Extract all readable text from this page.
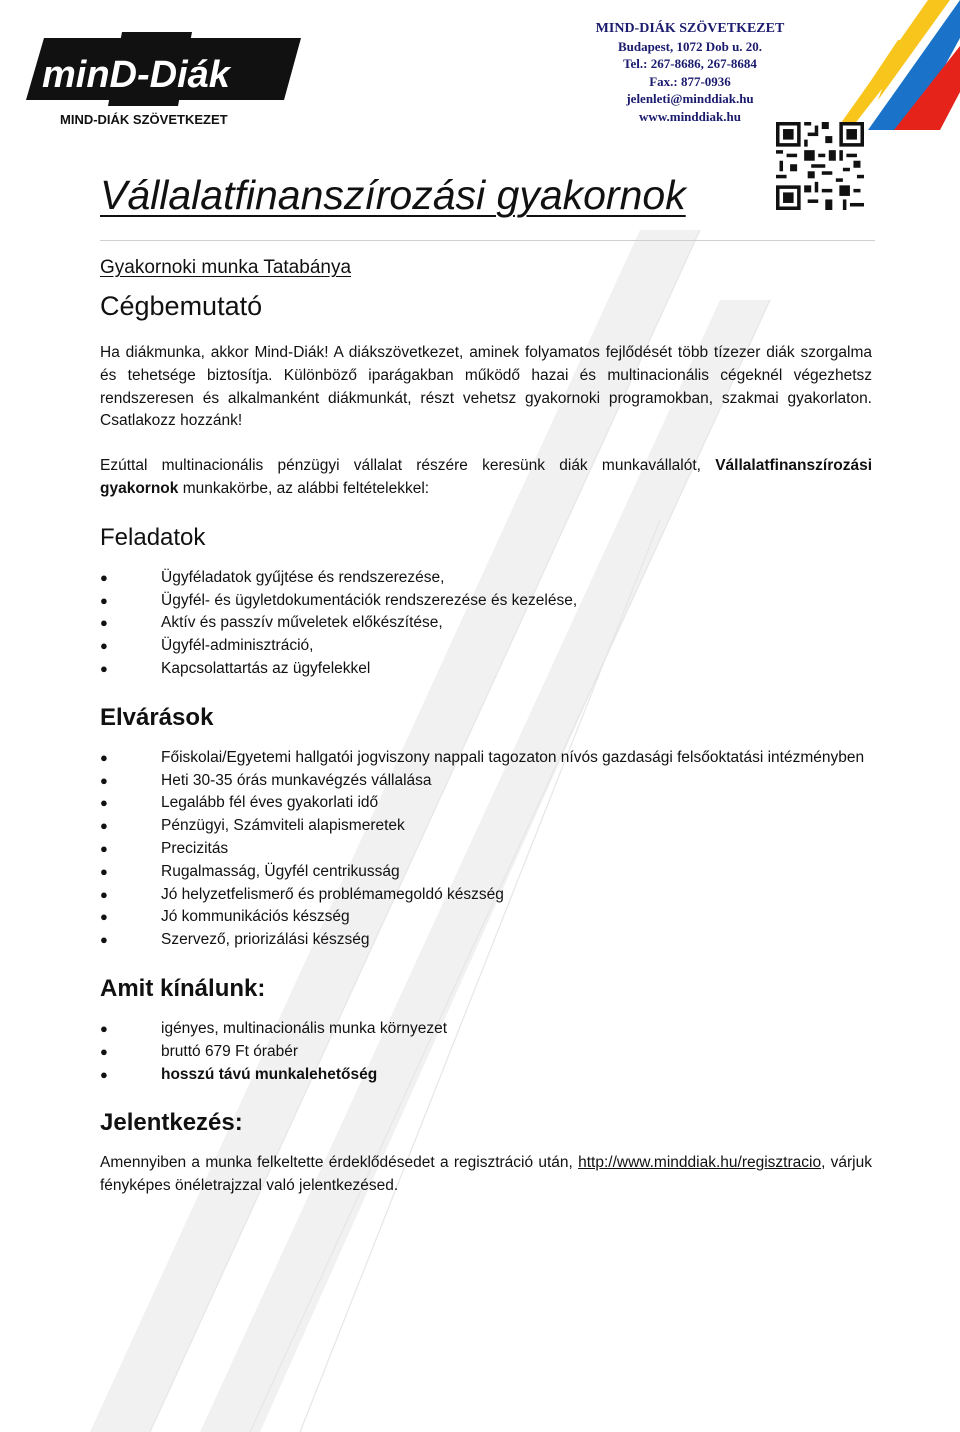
minD-Diák
MIND-DIÁK SZÖVETKEZET
MIND-DIÁK SZÖVETKEZET
Budapest, 1072 Dob u. 20.
Tel.: 267-8686, 267-8684
Fax.: 877-0936
jelenleti@minddiak.hu
www.minddiak.hu
Vállalatfinanszírozási gyakornok

Gyakornoki munka Tatabánya

Cégbemutató

Ha diákmunka, akkor Mind-Diák! A diákszövetkezet, aminek folyamatos fejlődését több tízezer diák szorgalma és tehetsége biztosítja. Különböző iparágakban működő hazai és multinacionális cégeknél végezhetsz rendszeresen és alkalmanként diákmunkát, részt vehetsz gyakornoki programokban, szakmai gyakorlaton. Csatlakozz hozzánk!

Ezúttal multinacionális pénzügyi vállalat részére keresünk diák munkavállalót, Vállalatfinanszírozási gyakornok munkakörbe, az alábbi feltételekkel:

Feladatok
●	Ügyféladatok gyűjtése és rendszerezése,
●	Ügyfél- és ügyletdokumentációk rendszerezése és kezelése,
●	Aktív és passzív műveletek előkészítése,
●	Ügyfél-adminisztráció,
●	Kapcsolattartás az ügyfelekkel
Elvárások
●	Főiskolai/Egyetemi hallgatói jogviszony nappali tagozaton nívós gazdasági felsőoktatási intézményben
●	Heti 30-35 órás munkavégzés vállalása
●	Legalább fél éves gyakorlati idő
●	Pénzügyi, Számviteli alapismeretek
●	Precizitás
●	Rugalmasság, Ügyfél centrikusság
●	Jó helyzetfelismerő és problémamegoldó készség
●	Jó kommunikációs készség
●	Szervező, priorizálási készség
Amit kínálunk:
●	igényes, multinacionális munka környezet
●	bruttó 679 Ft órabér
●	hosszú távú munkalehetőség
Jelentkezés:

Amennyiben a munka felkeltette érdeklődésedet a regisztráció után, http://www.minddiak.hu/regisztracio, várjuk fényképes önéletrajzzal való jelentkezésed.
